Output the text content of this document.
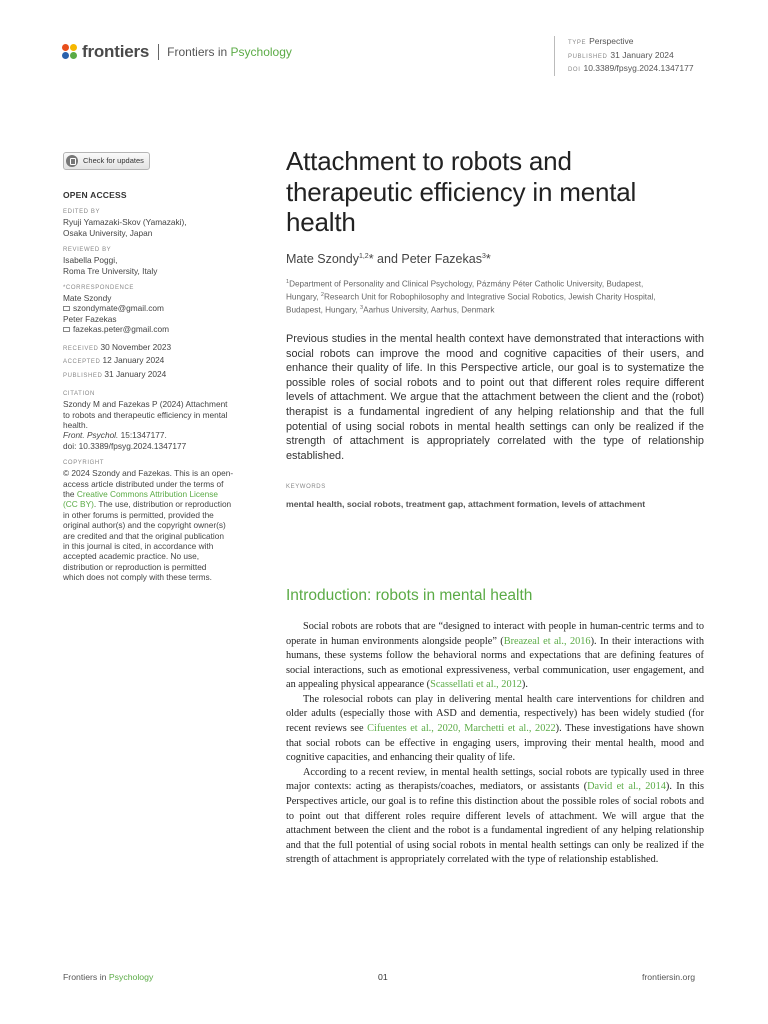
frontiers Frontiers in Psychology
TYPE Perspective
PUBLISHED 31 January 2024
DOI 10.3389/fpsyg.2024.1347177
Check for updates
OPEN ACCESS
EDITED BY
Ryuji Yamazaki-Skov (Yamazaki),
Osaka University, Japan
REVIEWED BY
Isabella Poggi,
Roma Tre University, Italy
*CORRESPONDENCE
Mate Szondy
szondymate@gmail.com
Peter Fazekas
fazekas.peter@gmail.com
RECEIVED 30 November 2023
ACCEPTED 12 January 2024
PUBLISHED 31 January 2024
CITATION
Szondy M and Fazekas P (2024) Attachment
to robots and therapeutic efficiency in mental
health.
Front. Psychol. 15:1347177.
doi: 10.3389/fpsyg.2024.1347177
COPYRIGHT
© 2024 Szondy and Fazekas. This is an open-
access article distributed under the terms of
the Creative Commons Attribution License
(CC BY). The use, distribution or reproduction
in other forums is permitted, provided the
original author(s) and the copyright owner(s)
are credited and that the original publication
in this journal is cited, in accordance with
accepted academic practice. No use,
distribution or reproduction is permitted
which does not comply with these terms.
Attachment to robots and
therapeutic efficiency in mental
health
Mate Szondy$^{1,2}$* and Peter Fazekas$^3$*
$^1$Department of Personality and Clinical Psychology, Pázmány Péter Catholic University, Budapest,
Hungary, $^2$Research Unit for Robophilosophy and Integrative Social Robotics, Jewish Charity Hospital,
Budapest, Hungary, $^3$Aarhus University, Aarhus, Denmark
Previous studies in the mental health context have demonstrated that interactions with social robots can improve the mood and cognitive capacities of their users, and enhance their quality of life. In this Perspective article, our goal is to systematize the possible roles of social robots and to point out that different roles require different levels of attachment. We argue that the attachment between the client and the (robot) therapist is a fundamental ingredient of any helping relationship and that the full potential of using social robots in mental health settings can only be realized if the strength of attachment is appropriately correlated with the type of relationship established.
KEYWORDS
mental health, social robots, treatment gap, attachment formation, levels of attachment
Introduction: robots in mental health

Social robots are robots that are “designed to interact with people in human-centric terms and to operate in human environments alongside people” (Breazeal et al., 2016). In their interactions with humans, these systems follow the behavioral norms and expectations that are defining features of social interactions, such as emotional expressiveness, verbal communication, user engagement, and an appealing physical appearance (Scassellati et al., 2012).

The rolesocial robots can play in delivering mental health care interventions for children and older adults (especially those with ASD and dementia, respectively) has been widely studied (for recent reviews see Cifuentes et al., 2020, Marchetti et al., 2022). These investigations have shown that social robots can be effective in engaging users, improving their mental health, mood and cognitive capacities, and enhancing their quality of life.

According to a recent review, in mental health settings, social robots are typically used in three major contexts: acting as therapists/coaches, mediators, or assistants (David et al., 2014). In this Perspectives article, our goal is to refine this distinction about the possible roles of social robots and to point out that different roles require different levels of attachment. We will argue that the attachment between the client and the robot is a fundamental ingredient of any helping relationship and that the full potential of using social robots in mental health settings can only be realized if the strength of attachment is appropriately correlated with the type of relationship established.

Frontiers in Psychology	01	frontiersin.org
